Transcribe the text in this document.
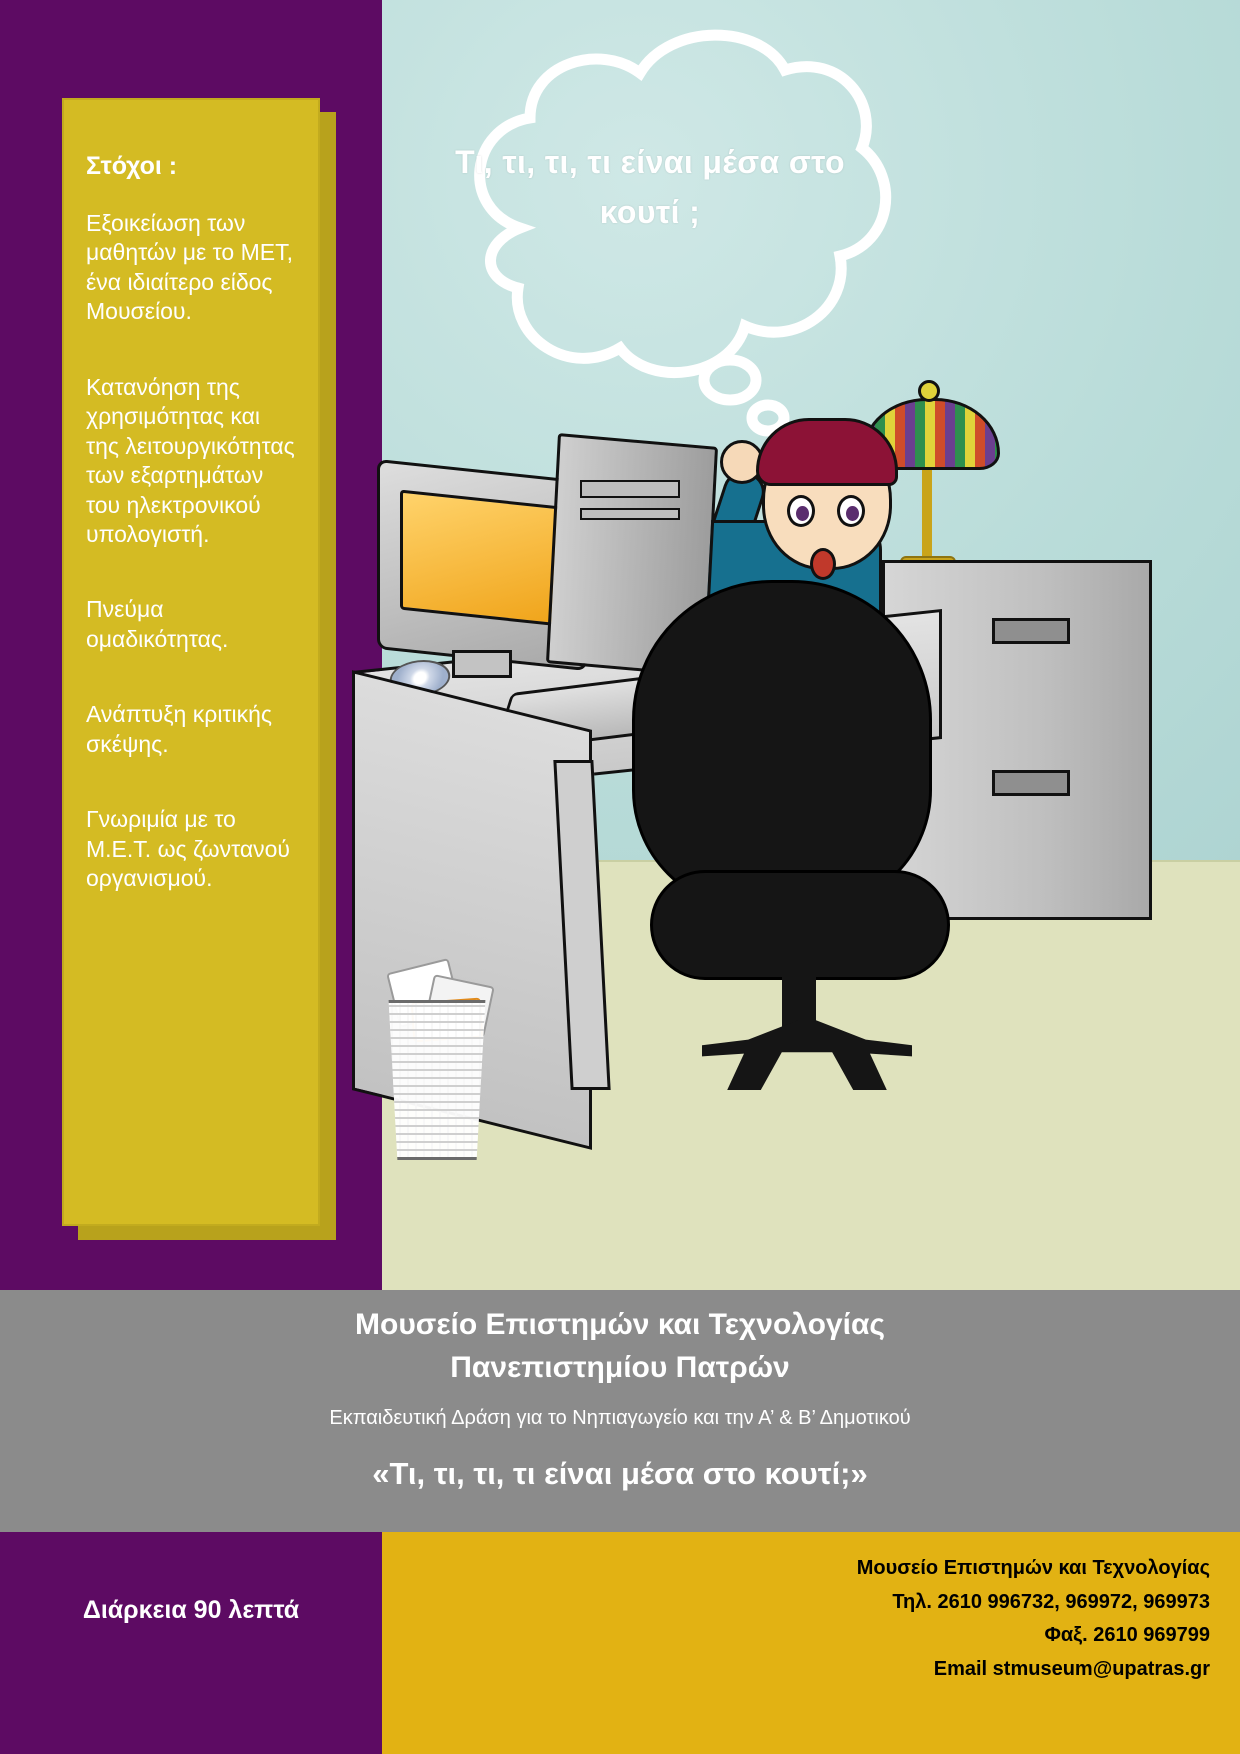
Τι, τι, τι, τι είναι μέσα στο κουτί ;
Στόχοι :
Εξοικείωση των μαθητών με το ΜΕΤ, ένα ιδιαίτερο είδος Μουσείου.
Κατανόηση της χρησιμότητας και της λειτουργικότητας των εξαρτημάτων του ηλεκτρονικού υπολογιστή.
Πνεύμα ομαδικότητας.
Ανάπτυξη κριτικής σκέψης.
Γνωριμία με το Μ.Ε.Τ. ως ζωντανού οργανισμού.
Μουσείο Επιστημών και Τεχνολογίας
Πανεπιστημίου Πατρών
Εκπαιδευτική Δράση για το Νηπιαγωγείο και την Α’ & Β’ Δημοτικού
«Τι, τι, τι, τι είναι μέσα στο κουτί;»
Διάρκεια 90 λεπτά
Μουσείο Επιστημών και Τεχνολογίας
Τηλ. 2610 996732, 969972, 969973
Φαξ. 2610 969799
Email stmuseum@upatras.gr
